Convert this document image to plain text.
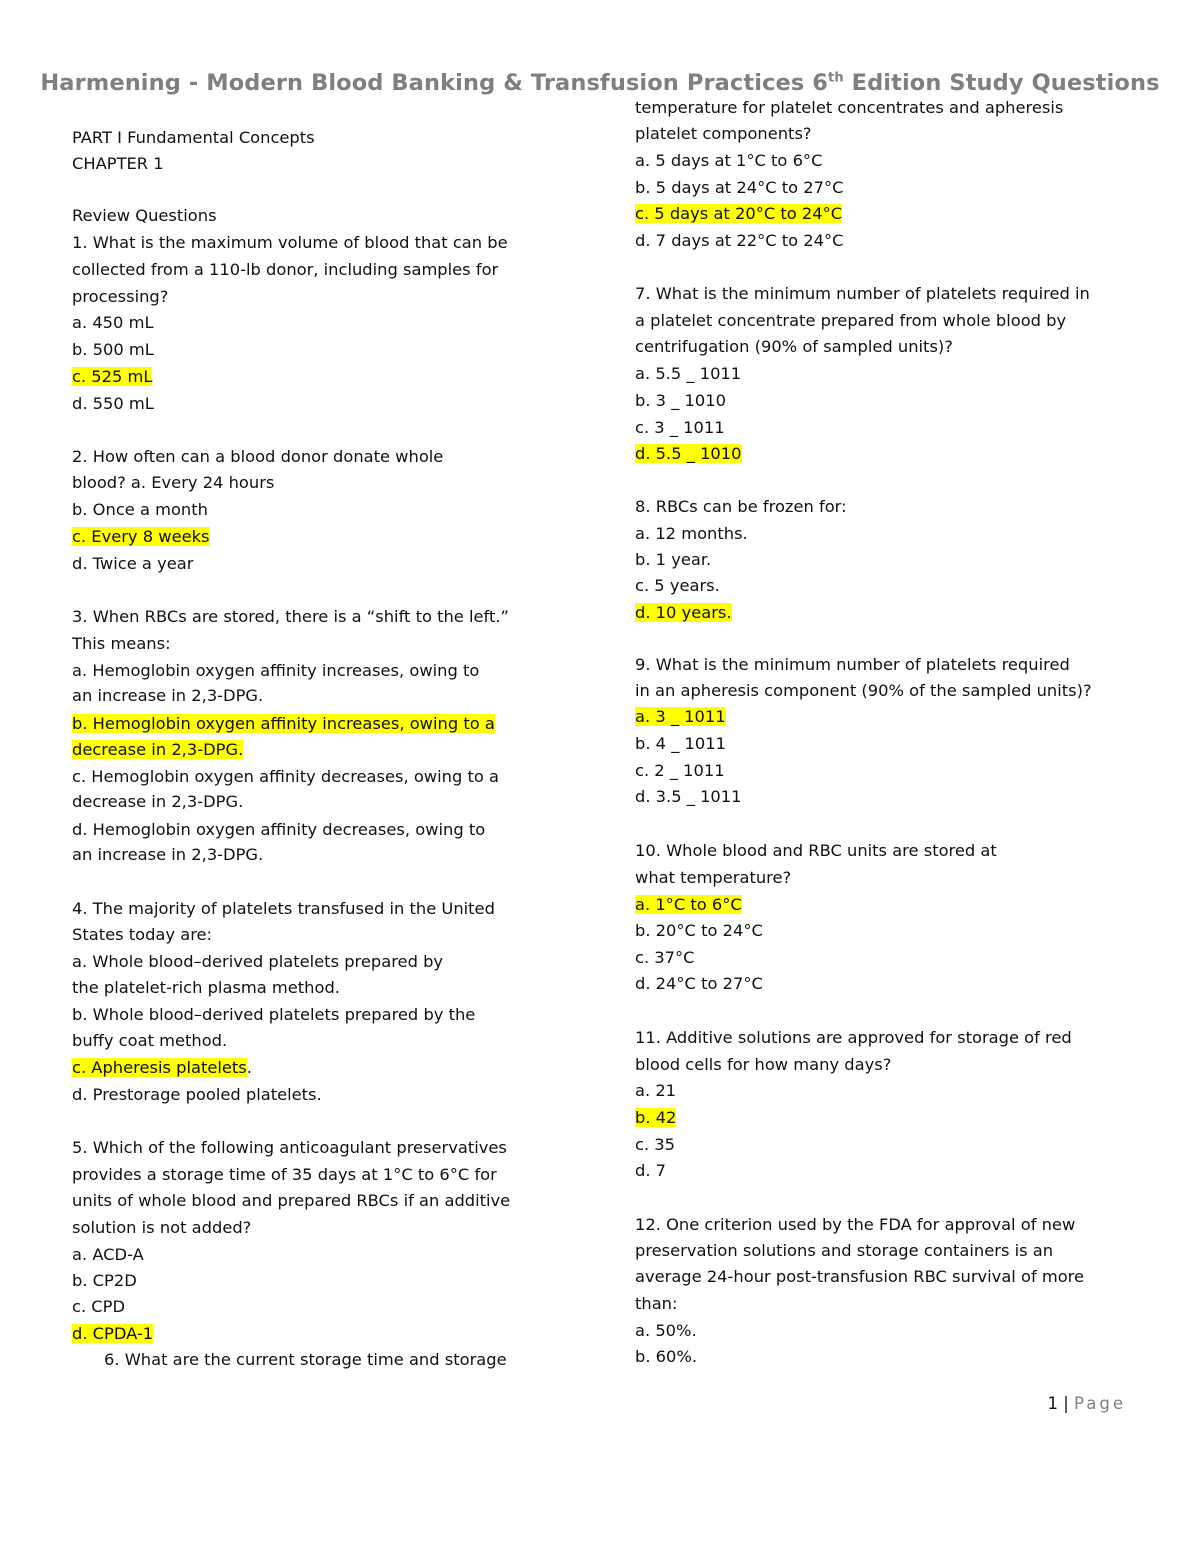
Harmening - Modern Blood Banking & Transfusion Practices 6th Edition Study Questions
PART I Fundamental Concepts
CHAPTER 1
Review Questions
1. What is the maximum volume of blood that can be
collected from a 110-lb donor, including samples for
processing?
a. 450 mL
b. 500 mL
c. 525 mL
d. 550 mL
2. How often can a blood donor donate whole
blood? a. Every 24 hours
b. Once a month
c. Every 8 weeks
d. Twice a year
3. When RBCs are stored, there is a “shift to the left.”
This means:
a. Hemoglobin oxygen affinity increases, owing to
an increase in 2,3-DPG.
b. Hemoglobin oxygen affinity increases, owing to a
decrease in 2,3-DPG.
c. Hemoglobin oxygen affinity decreases, owing to a
decrease in 2,3-DPG.
d. Hemoglobin oxygen affinity decreases, owing to
an increase in 2,3-DPG.
4. The majority of platelets transfused in the United
States today are:
a. Whole blood–derived platelets prepared by
the platelet-rich plasma method.
b. Whole blood–derived platelets prepared by the
buffy coat method.
c. Apheresis platelets.
d. Prestorage pooled platelets.
5. Which of the following anticoagulant preservatives
provides a storage time of 35 days at 1°C to 6°C for
units of whole blood and prepared RBCs if an additive
solution is not added?
a. ACD-A
b. CP2D
c. CPD
d. CPDA-1
6. What are the current storage time and storage
temperature for platelet concentrates and apheresis
platelet components?
a. 5 days at 1°C to 6°C
b. 5 days at 24°C to 27°C
c. 5 days at 20°C to 24°C
d. 7 days at 22°C to 24°C
7. What is the minimum number of platelets required in
a platelet concentrate prepared from whole blood by
centrifugation (90% of sampled units)?
a. 5.5 _ 1011
b. 3 _ 1010
c. 3 _ 1011
d. 5.5 _ 1010
8. RBCs can be frozen for:
a. 12 months.
b. 1 year.
c. 5 years.
d. 10 years.
9. What is the minimum number of platelets required
in an apheresis component (90% of the sampled units)?
a. 3 _ 1011
b. 4 _ 1011
c. 2 _ 1011
d. 3.5 _ 1011
10. Whole blood and RBC units are stored at
what temperature?
a. 1°C to 6°C
b. 20°C to 24°C
c. 37°C
d. 24°C to 27°C
11. Additive solutions are approved for storage of red
blood cells for how many days?
a. 21
b. 42
c. 35
d. 7
12. One criterion used by the FDA for approval of new
preservation solutions and storage containers is an
average 24-hour post-transfusion RBC survival of more
than:
a. 50%.
b. 60%.
1 | Page
